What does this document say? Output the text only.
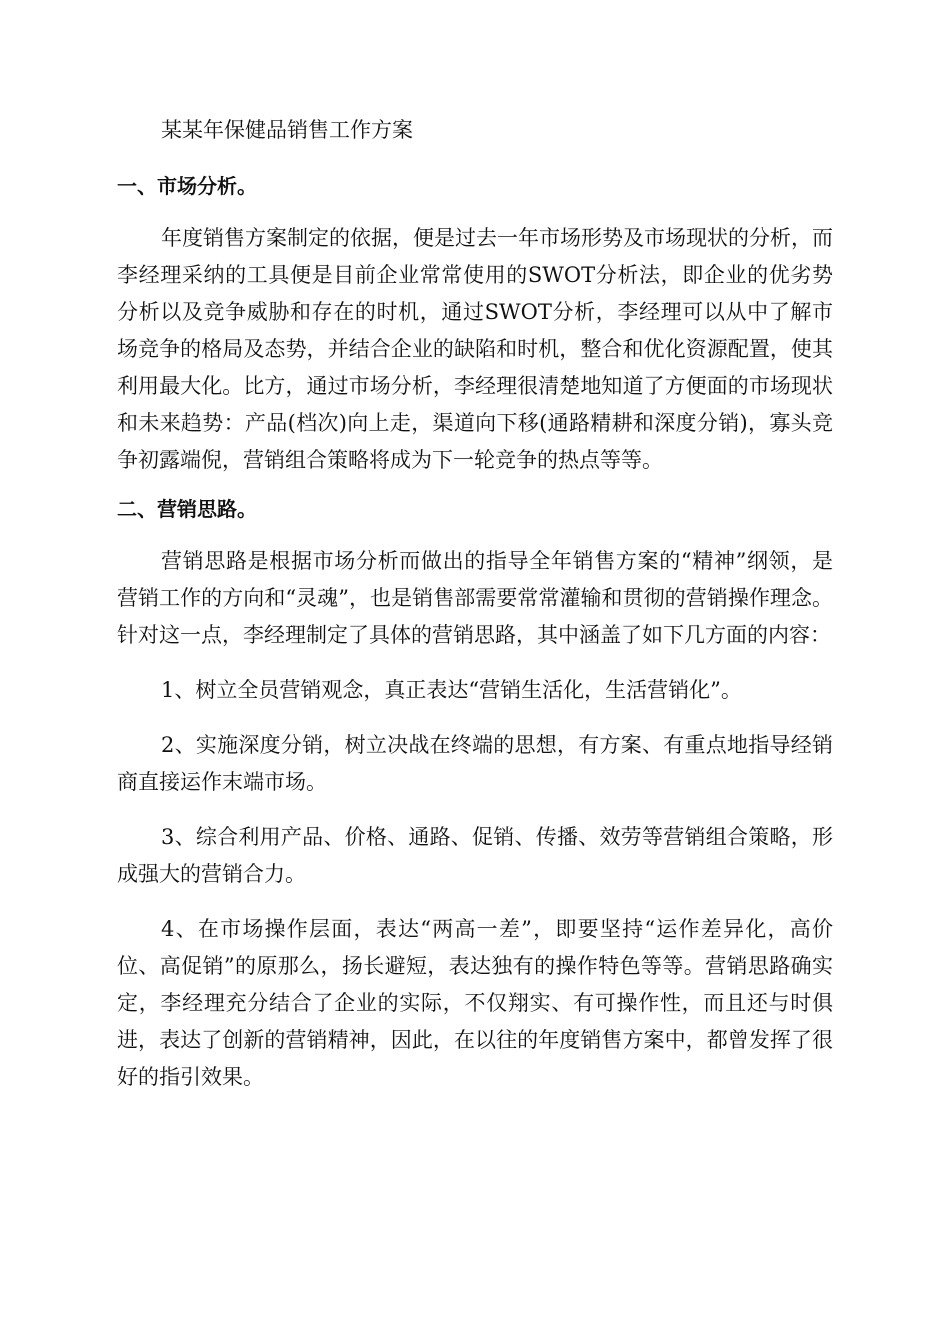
某某年保健品销售工作方案
一、市场分析。

年度销售方案制定的依据，便是过去一年市场形势及市场现状的分析，而李经理采纳的工具便是目前企业常常使用的SWOT分析法，即企业的优劣势分析以及竞争威胁和存在的时机，通过SWOT分析，李经理可以从中了解市场竞争的格局及态势，并结合企业的缺陷和时机，整合和优化资源配置，使其利用最大化。比方，通过市场分析，李经理很清楚地知道了方便面的市场现状和未来趋势：产品(档次)向上走，渠道向下移(通路精耕和深度分销)，寡头竞争初露端倪，营销组合策略将成为下一轮竞争的热点等等。

二、营销思路。

营销思路是根据市场分析而做出的指导全年销售方案的“精神”纲领，是营销工作的方向和“灵魂”，也是销售部需要常常灌输和贯彻的营销操作理念。针对这一点，李经理制定了具体的营销思路，其中涵盖了如下几方面的内容：

1、树立全员营销观念，真正表达“营销生活化，生活营销化”。

2、实施深度分销，树立决战在终端的思想，有方案、有重点地指导经销商直接运作末端市场。

3、综合利用产品、价格、通路、促销、传播、效劳等营销组合策略，形成强大的营销合力。

4、在市场操作层面，表达“两高一差”，即要坚持“运作差异化，高价位、高促销”的原那么，扬长避短，表达独有的操作特色等等。营销思路确实定，李经理充分结合了企业的实际，不仅翔实、有可操作性，而且还与时俱进，表达了创新的营销精神，因此，在以往的年度销售方案中，都曾发挥了很好的指引效果。
